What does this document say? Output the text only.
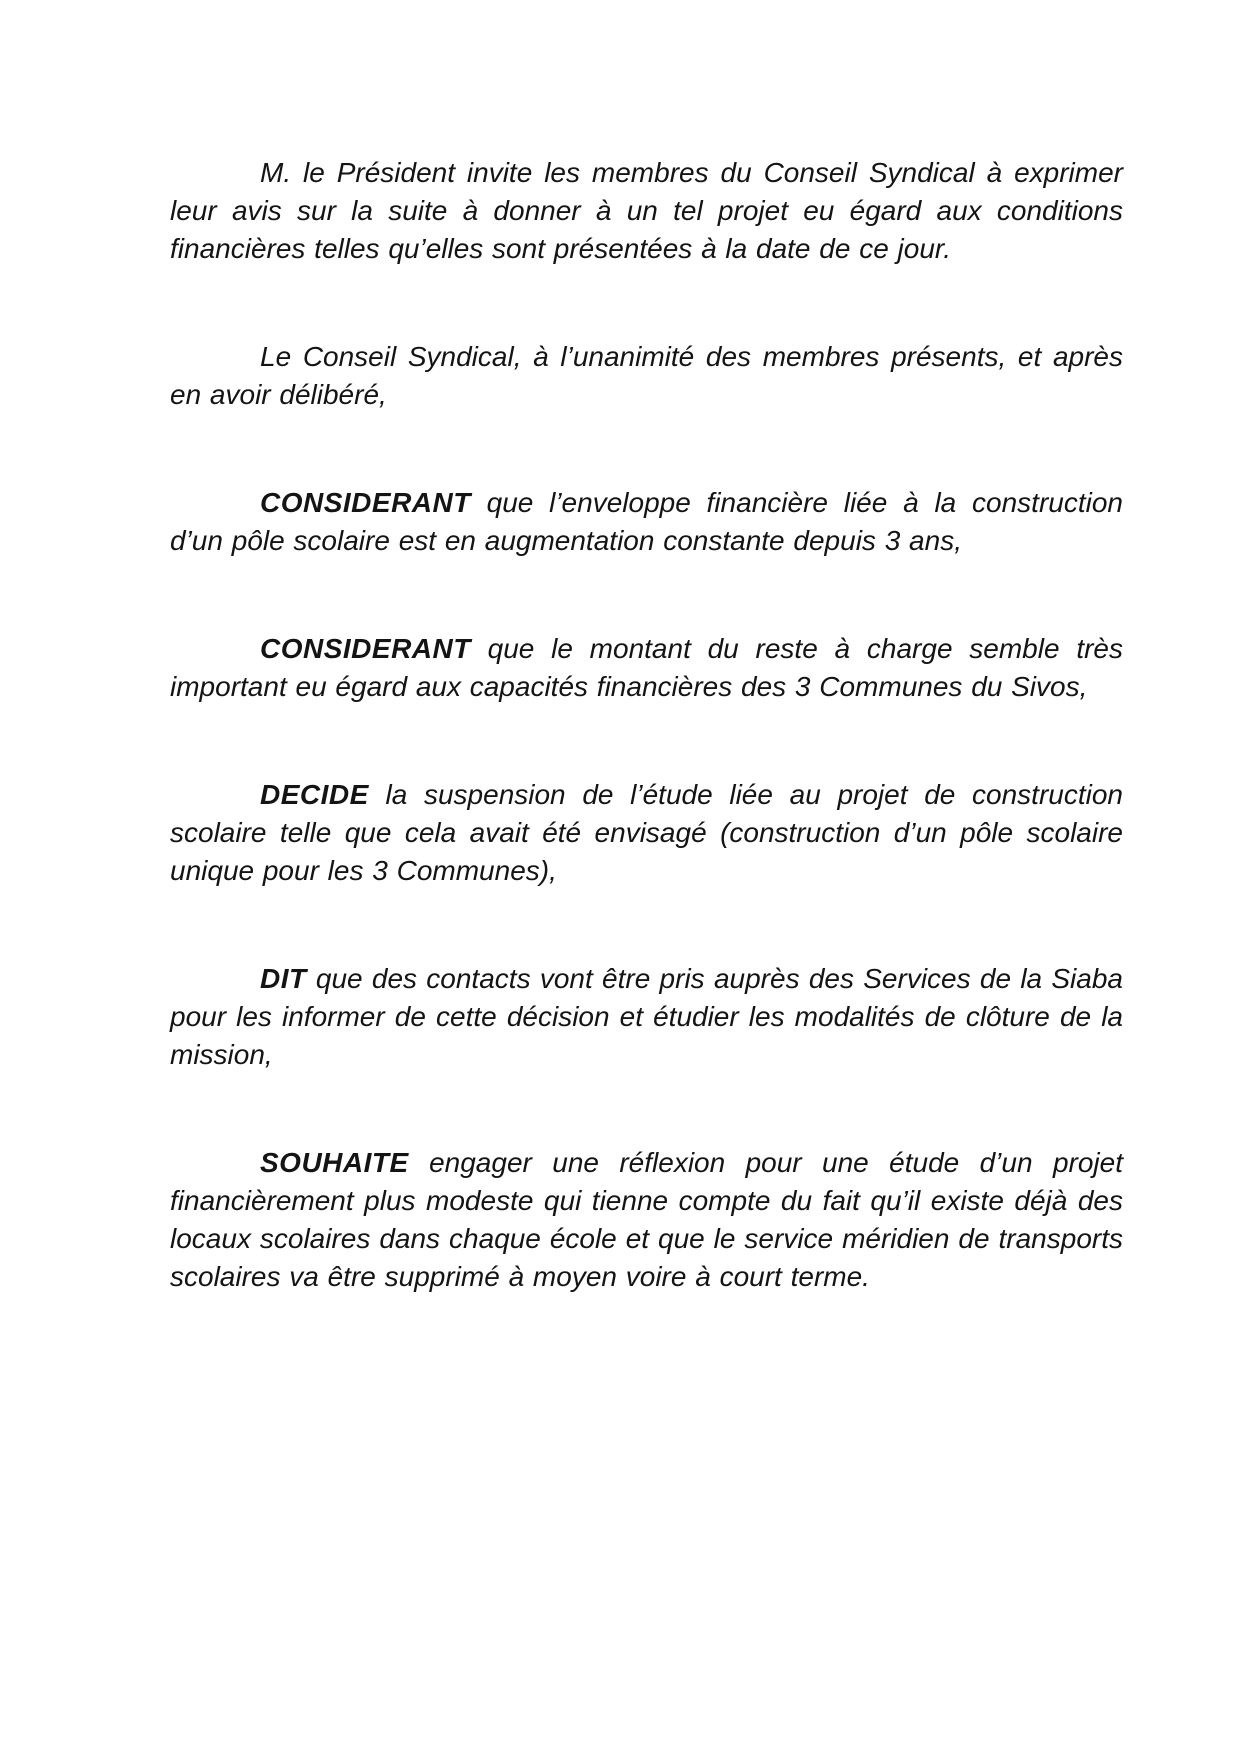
M. le Président invite les membres du Conseil Syndical à exprimer leur avis sur la suite à donner à un tel projet eu égard aux conditions financières telles qu’elles sont présentées à la date de ce jour.

Le Conseil Syndical, à l’unanimité des membres présents, et après en avoir délibéré,

CONSIDERANT que l’enveloppe financière liée à la construction d’un pôle scolaire est en augmentation constante depuis 3 ans,

CONSIDERANT que le montant du reste à charge semble très important eu égard aux capacités financières des 3 Communes du Sivos,

DECIDE la suspension de l’étude liée au projet de construction scolaire telle que cela avait été envisagé (construction d’un pôle scolaire unique pour les 3 Communes),

DIT que des contacts vont être pris auprès des Services de la Siaba pour les informer de cette décision et étudier les modalités de clôture de la mission,

SOUHAITE engager une réflexion pour une étude d’un projet financièrement plus modeste qui tienne compte du fait qu’il existe déjà des locaux scolaires dans chaque école et que le service méridien de transports scolaires va être supprimé à moyen voire à court terme.
